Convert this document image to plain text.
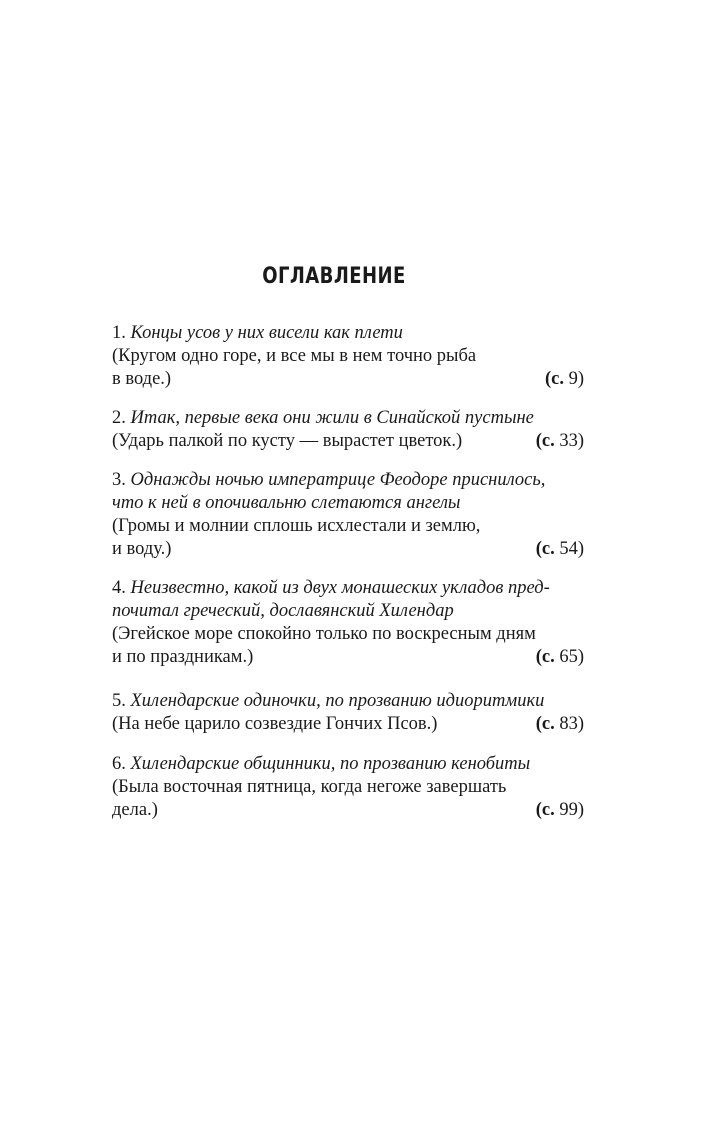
ОГЛАВЛЕНИЕ
1. Концы усов у них висели как плети
(Кругом одно горе, и все мы в нем точно рыба
в воде.)	(с. 9)
2. Итак, первые века они жили в Синайской пустыне
(Ударь палкой по кусту — вырастет цветок.)	(с. 33)
3. Однажды ночью императрице Феодоре приснилось,
что к ней в опочивальню слетаются ангелы
(Громы и молнии сплошь исхлестали и землю,
и воду.)	(с. 54)
4. Неизвестно, какой из двух монашеских укладов пред-
почитал греческий, дославянский Хилендар
(Эгейское море спокойно только по воскресным дням
и по праздникам.)	(с. 65)
5. Хилендарские одиночки, по прозванию идиоритмики
(На небе царило созвездие Гончих Псов.)	(с. 83)
6. Хилендарские общинники, по прозванию кенобиты
(Была восточная пятница, когда негоже завершать
дела.)	(с. 99)
